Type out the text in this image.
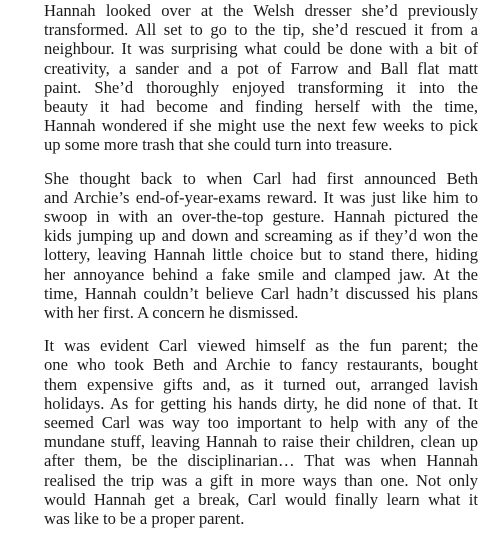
Hannah looked over at the Welsh dresser she’d previously
transformed. All set to go to the tip, she’d rescued it from a
neighbour. It was surprising what could be done with a bit of
creativity, a sander and a pot of Farrow and Ball flat matt
paint. She’d thoroughly enjoyed transforming it into the
beauty it had become and finding herself with the time,
Hannah wondered if she might use the next few weeks to pick
up some more trash that she could turn into treasure.
She thought back to when Carl had first announced Beth
and Archie’s end-of-year-exams reward. It was just like him to
swoop in with an over-the-top gesture. Hannah pictured the
kids jumping up and down and screaming as if they’d won the
lottery, leaving Hannah little choice but to stand there, hiding
her annoyance behind a fake smile and clamped jaw. At the
time, Hannah couldn’t believe Carl hadn’t discussed his plans
with her first. A concern he dismissed.
It was evident Carl viewed himself as the fun parent; the
one who took Beth and Archie to fancy restaurants, bought
them expensive gifts and, as it turned out, arranged lavish
holidays. As for getting his hands dirty, he did none of that. It
seemed Carl was way too important to help with any of the
mundane stuff, leaving Hannah to raise their children, clean up
after them, be the disciplinarian… That was when Hannah
realised the trip was a gift in more ways than one. Not only
would Hannah get a break, Carl would finally learn what it
was like to be a proper parent.
